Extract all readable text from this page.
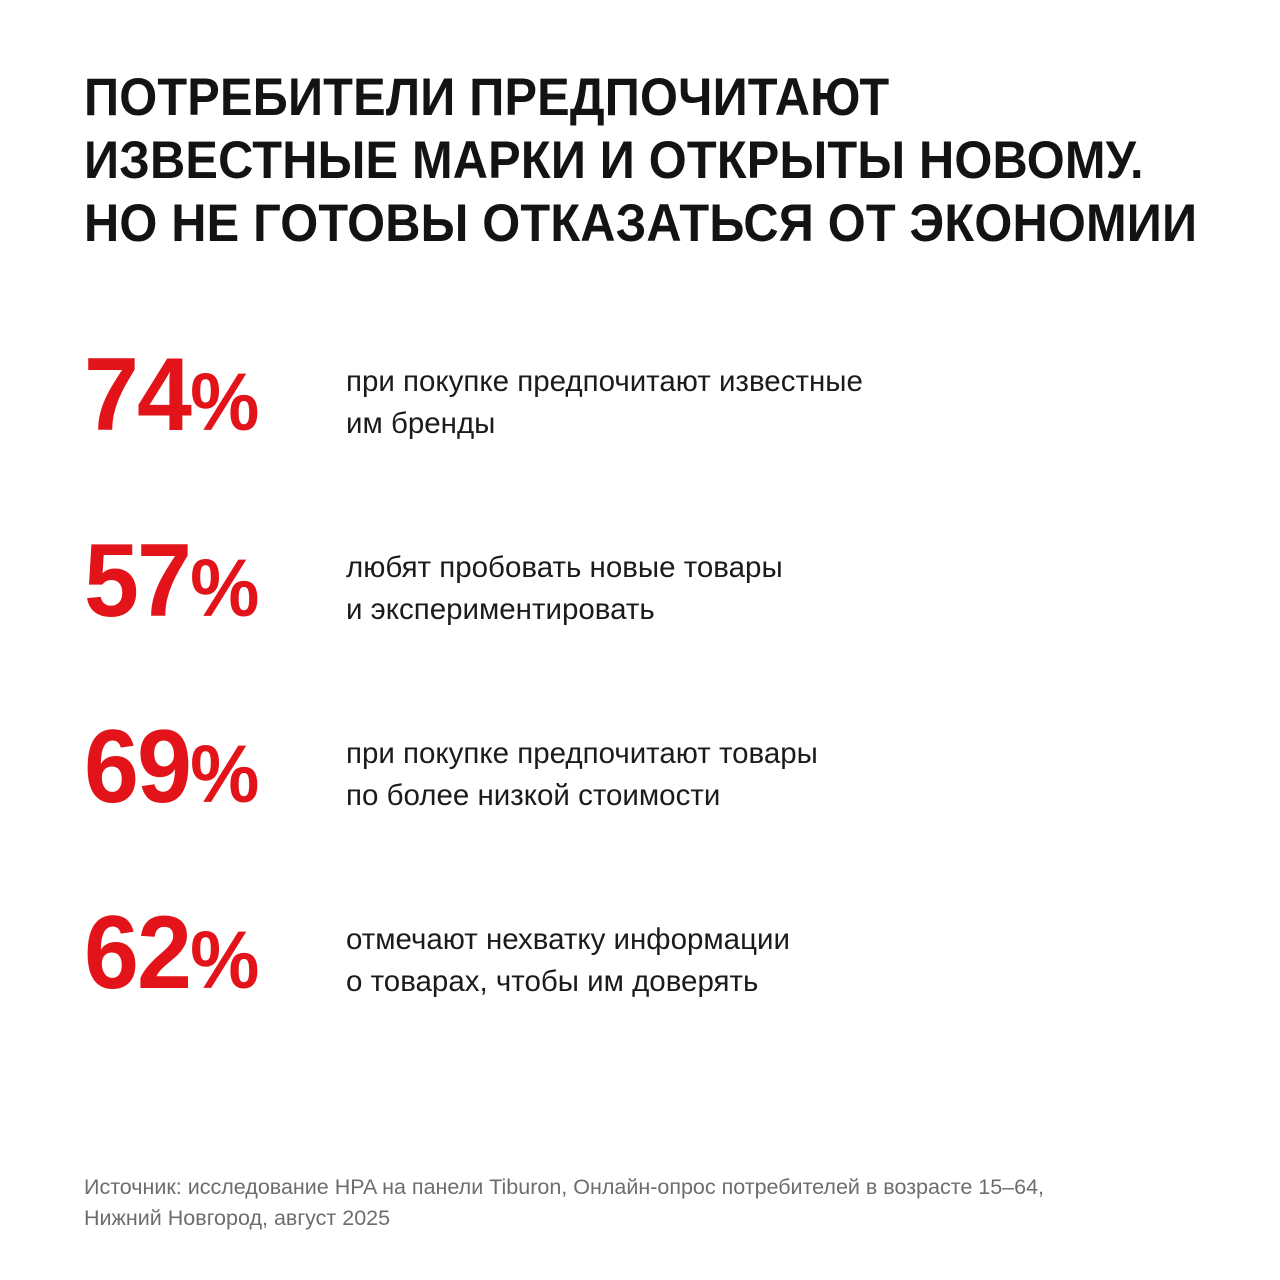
ПОТРЕБИТЕЛИ ПРЕДПОЧИТАЮТ
ИЗВЕСТНЫЕ МАРКИ И ОТКРЫТЫ НОВОМУ.
НО НЕ ГОТОВЫ ОТКАЗАТЬСЯ ОТ ЭКОНОМИИ
74%	при покупке предпочитают известные
им бренды
57%	любят пробовать новые товары
и экспериментировать
69%	при покупке предпочитают товары
по более низкой стоимости
62%	отмечают нехватку информации
о товарах, чтобы им доверять
Источник: исследование HPA на панели Tiburon, Онлайн-опрос потребителей в возрасте 15–64,
Нижний Новгород, август 2025
